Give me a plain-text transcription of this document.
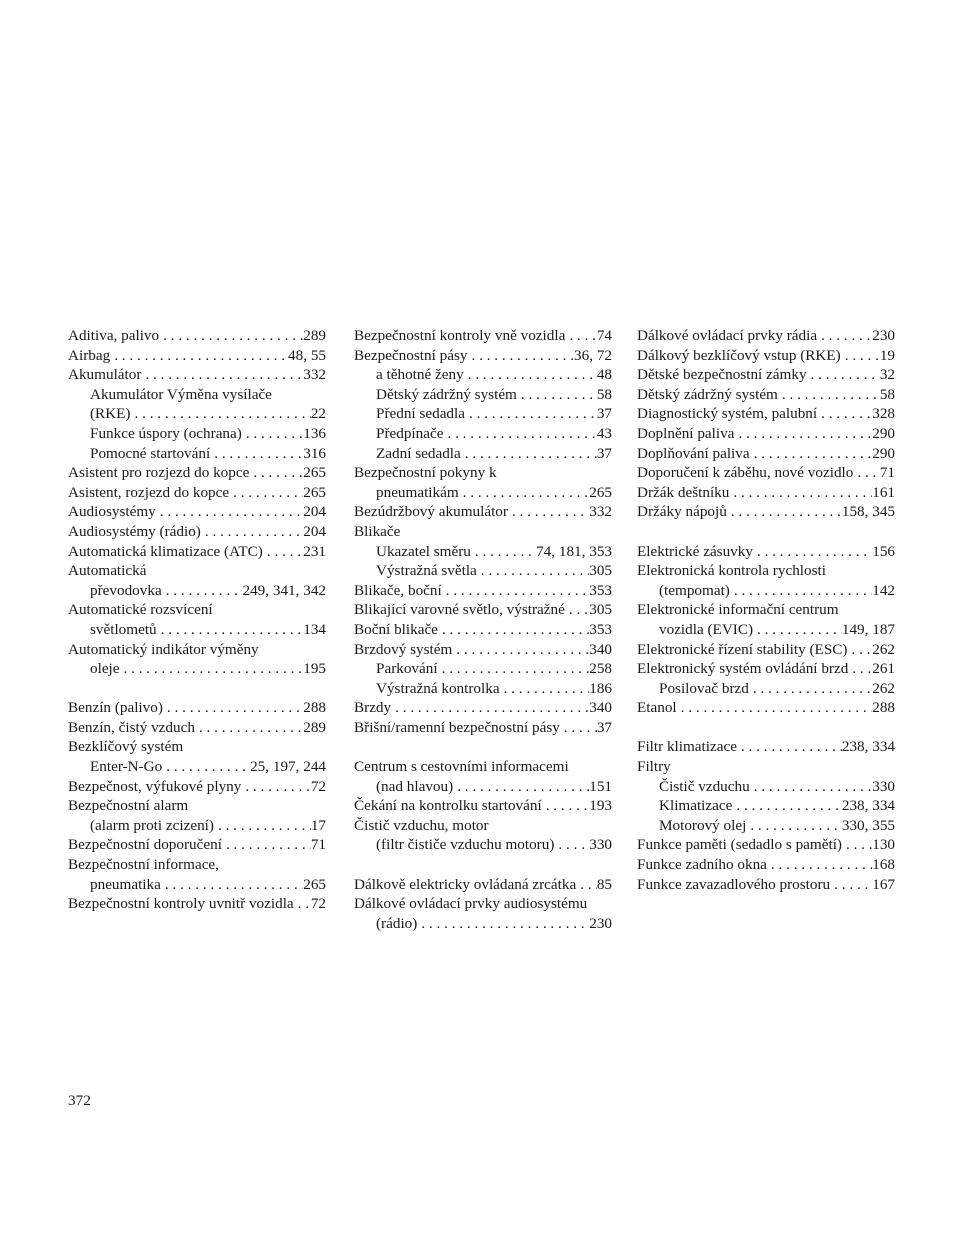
Aditiva, palivo . . .	289
Airbag . . .	48, 55
Akumulátor . . .	332
Akumulátor Výměna vysílače
(RKE) . . .	22
Funkce úspory (ochrana) . . .	136
Pomocné startování . . .	316
Asistent pro rozjezd do kopce . . .	265
Asistent, rozjezd do kopce . . .	265
Audiosystémy . . .	204
Audiosystémy (rádio) . . .	204
Automatická klimatizace (ATC) . . .	231
Automatická
převodovka . . .	249, 341, 342
Automatické rozsvícení
světlometů . . .	134
Automatický indikátor výměny
oleje . . .	195
Benzín (palivo) . . .	288
Benzín, čistý vzduch . . .	289
Bezklíčový systém
Enter-N-Go . . .	25, 197, 244
Bezpečnost, výfukové plyny . . .	72
Bezpečnostní alarm
(alarm proti zcizení) . . .	17
Bezpečnostní doporučení . . .	71
Bezpečnostní informace,
pneumatika . . .	265
Bezpečnostní kontroly uvnitř vozidla . . . 72
Bezpečnostní kontroly vně vozidla . . . 74
Bezpečnostní pásy . . .	36, 72
a těhotné ženy . . .	48
Dětský zádržný systém . . .	58
Přední sedadla . . .	37
Předpínače . . .	43
Zadní sedadla . . .	37
Bezpečnostní pokyny k
pneumatikám . . .	265
Bezúdržbový akumulátor . . .	332
Blikače
Ukazatel směru . . .	74, 181, 353
Výstražná světla . . .	305
Blikače, boční . . .	353
Blikající varovné světlo, výstražné . . . 305
Boční blikače . . .	353
Brzdový systém . . .	340
Parkování . . .	258
Výstražná kontrolka . . .	186
Brzdy . . .	340
Břišní/ramenní bezpečnostní pásy . . . 37
Centrum s cestovními informacemi
(nad hlavou) . . .	151
Čekání na kontrolku startování . . .	193
Čistič vzduchu, motor
(filtr čističe vzduchu motoru) . . . 330
Dálkově elektricky ovládaná zrcátka . . . 85
Dálkové ovládací prvky audiosystému
(rádio) . . .	230
Dálkové ovládací prvky rádia . . .	230
Dálkový bezklíčový vstup (RKE) . . .	19
Dětské bezpečnostní zámky . . .	32
Dětský zádržný systém . . .	58
Diagnostický systém, palubní . . .	328
Doplnění paliva . . .	290
Doplňování paliva . . .	290
Doporučení k záběhu, nové vozidlo . . . 71
Držák deštníku . . .	161
Držáky nápojů . . .	158, 345
Elektrické zásuvky . . .	156
Elektronická kontrola rychlosti
(tempomat) . . .	142
Elektronické informační centrum
vozidla (EVIC) . . .	149, 187
Elektronické řízení stability (ESC) . . . 262
Elektronický systém ovládání brzd . . . 261
Posilovač brzd . . .	262
Etanol . . .	288
Filtr klimatizace . . .	238, 334
Filtry
Čistič vzduchu . . .	330
Klimatizace . . .	238, 334
Motorový olej . . .	330, 355
Funkce paměti (sedadlo s pamětí) . . . 130
Funkce zadního okna . . .	168
Funkce zavazadlového prostoru . . .	167
372
